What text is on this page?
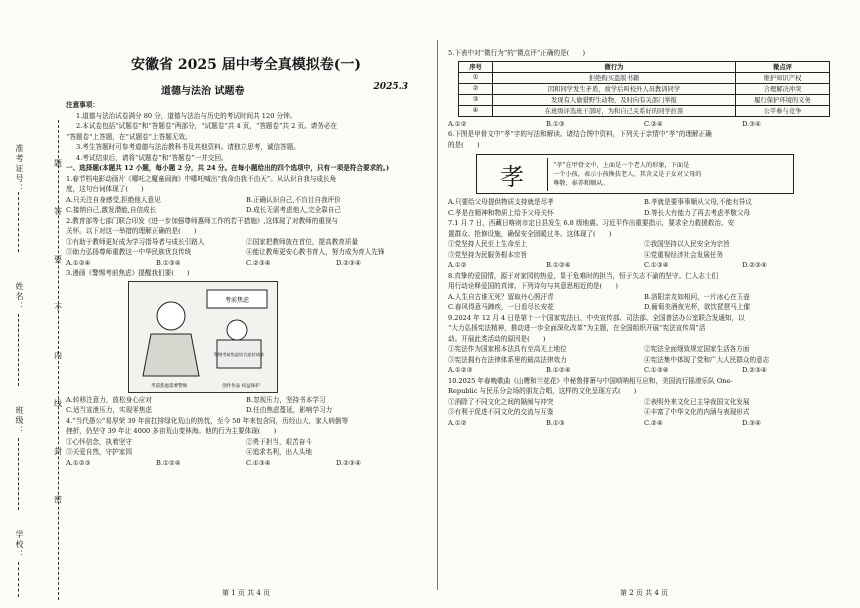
准考证号：
姓名：
班级：
学校：
题
答
要
不
内
线
封
密
安徽省 2025 届中考全真模拟卷(一)
道德与法治 试题卷	2025.3
注意事项：
1.道德与法治试卷满分 80 分，道德与法治与历史的考试时间共 120 分钟。
2.本试卷包括“试题卷”和“答题卷”两部分，“试题卷”共 4 页，“答题卷”共 2 页。请务必在
“答题卷”上答题，在“试题卷”上答题无效。
3.考生答题时可参考道德与法治教科书及其他资料。请独立思考，诚信答题。
4.考试结束后，请将“试题卷”和“答题卷”一并交回。
一、选择题(本题共 12 小题，每小题 2 分，共 24 分。在每小题给出的四个选项中，只有一项是符合要求的。)
1.春节档电影动画片《哪吒之魔童闹海》中哪吒喊出“我命由我不由天”。从认识自我与成长角
度，这句台词体现了(　　)
A.只关注自身感受,拒绝他人意见	B.正确认识自己,不盲目自我评价
C.接纳自己,激发潜能,自信成长	D.成长无需考虑他人,完全靠自己
2.教育部等七部门联合印发《进一步加强尊师惠师工作的若干措施》,这体现了对教师的重视与
关怀。以下对这一举措的理解正确的是(　　)
①有助于教师更好成为学习指导者与成长引路人	②国家把教师放在首位，提高教育质量
③助力弘扬尊师重教这一中华民族优良传统	④能让教师更安心教书育人，努力成为育人先锋
A.①②④	B.①③④	C.②③④	D.②③④
3.漫画《警惕考前焦虑》提醒我们要(　　)
考前焦虑
警惕考前焦虑综合症状请求
考前焦虑需要警惕	创作作品 权益保护
A.转移注意力，放松身心应对	B.忽视压力，坚持书本学习
C.适当宣泄压力，实现零焦虑	D.任由焦虑蔓延，影响学习力
4.“当代愚公”易厚荣 39 年前扛排绿化荒山的热忱，至今 50 年来包含同，历经山大，家人病倒等
挫折，仍坚守 39 年让 4000 多亩荒山变林海。他的行为主要体现(　　)
①心怀信念，执着坚守	②勇于担当，艰苦奋斗
③关爱自然，守护家园	④追求名利，出人头地
A.①②③	B.①②④	C.①③④	D.②③④
第 1 页 共 4 页
5.下表中对“微行为”的“微点评”正确的是(　　)
序号	微行为	微点评
①	拒绝购买盗版书籍	维护知识产权
②	因和同学发生矛盾，故学后叫校外人员教训同学	合理解决冲突
③	发现有人偷猎野生动物，及时向有关部门举报	履行保护环境的义务
④	在班级评选班干部时，为和自己关系好的同学拉票	公平参与竞争
A.①②	B.①③	C.②④	D.③④
6.下图是甲骨文中“孝”字的写法和解读。诸结合图中资料，下列关于亲情中“孝”的理解正确
的是(　　)
孝	“孝”在甲骨文中，上面是一个老人的形象，下面是
一个小孩，表示小孩搀扶老人。其含义是子女对父母的
尊敬、奉养和顺从。
A.只要给父母提供物质支持就是尽孝	B.孝就是要事事顺从父母,不能有异议
C.孝是在精神和物质上给予父母关怀	D.等长大有能力了再去考虑孝敬父母
7.1 月 7 日，西藏日喀则市定日县发生 6.8 级地震。习近平作出重要指示，要求全力救援救治、安
置群众、抢修设施，确保安全固暖过冬。这体现了(　　)
①党坚持人民至上生命至上	②我国坚持以人民安全为宗旨
③党坚持为民服务根本宗旨	④党重视经济社会发展任务
A.①②	B.①②④	C.①③④	D.②③④
8.真挚的爱国情，源于对家园的热爱，显于危难时的担当，恒于矢志不渝的坚守。仁人志士们
用行动诠释爱国的真谛。下列诗句与其意思相近的是(　　)
A.人生自古谁无死？留取丹心照汗青	B.洛阳亲友如相问，一片冰心在玉壶
C.春风得意马蹄疾，一日看尽长安花	D.葡萄美酒夜光杯，欲饮琵琶马上催
9.2024 年 12 月 4 日是第十一个国家宪法日，中央宣传部、司法部、全国普法办公室联合发通知，以
“大力弘扬宪法精神，推动进一步全面深化改革”为主题，在全国组织开展“宪法宣传周”活
动。开展此类活动的原因是(　　)
①宪法作为国家根本法具有至高无上地位	②宪法全面细致规定国家生活各方面
③宪法拥有在法律体系里的最高法律效力	④宪法集中体现了党和广大人民群众的意志
A.①②③	B.①②④	C.①③④	D.②③④
10.2025 年春晚歌曲《山鹰和兰花花》中秘鲁排箫与中国唢呐相互应和，美国流行摇滚乐队 One-
Republic 与民乐分会场的朋友合唱，这样的文化呈现方式(　　)
①消除了不同文化之间的隔阂与冲突	②表明外来文化已主导我国文化发展
③有利于促进不同文化的交流与互鉴	④丰富了中华文化的内涵与表现形式
A.①②	B.①③	C.②④	D.③④
第 2 页 共 4 页
